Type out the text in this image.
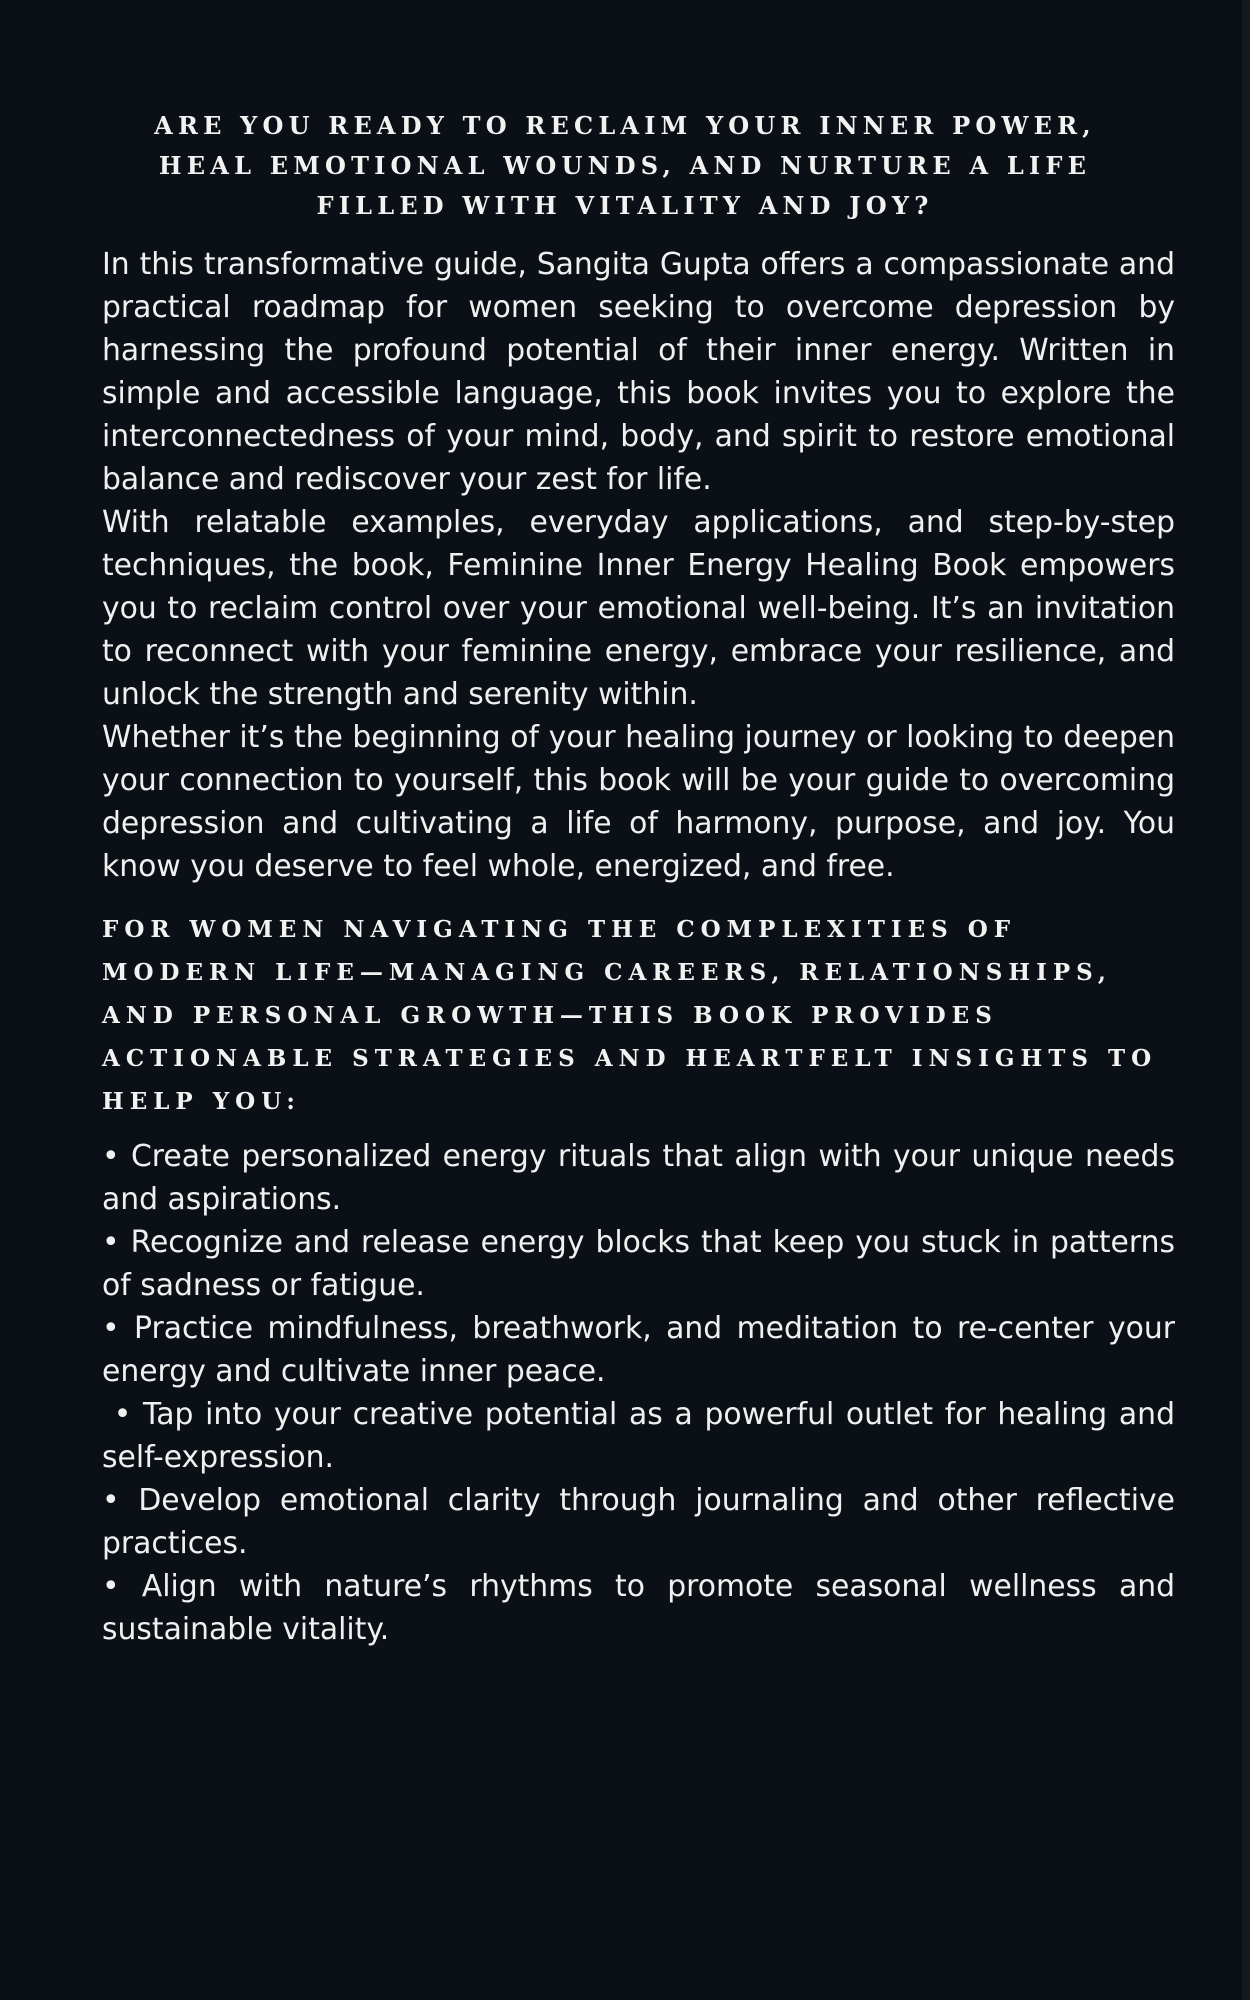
ARE YOU READY TO RECLAIM YOUR INNER POWER, HEAL EMOTIONAL WOUNDS, AND NURTURE A LIFE FILLED WITH VITALITY AND JOY?

In this transformative guide, Sangita Gupta offers a compassionate and practical roadmap for women seeking to overcome depression by harnessing the profound potential of their inner energy. Written in simple and accessible language, this book invites you to explore the interconnectedness of your mind, body, and spirit to restore emotional balance and rediscover your zest for life.

With relatable examples, everyday applications, and step-by-step techniques, the book, Feminine Inner Energy Healing Book empowers you to reclaim control over your emotional well-being. It’s an invitation to reconnect with your feminine energy, embrace your resilience, and unlock the strength and serenity within.

Whether it’s the beginning of your healing journey or looking to deepen your connection to yourself, this book will be your guide to overcoming depression and cultivating a life of harmony, purpose, and joy. You know you deserve to feel whole, energized, and free.

FOR WOMEN NAVIGATING THE COMPLEXITIES OF MODERN LIFE—MANAGING CAREERS, RELATIONSHIPS, AND PERSONAL GROWTH—THIS BOOK PROVIDES ACTIONABLE STRATEGIES AND HEARTFELT INSIGHTS TO HELP YOU:
• Create personalized energy rituals that align with your unique needs and aspirations.
• Recognize and release energy blocks that keep you stuck in patterns of sadness or fatigue.
• Practice mindfulness, breathwork, and meditation to re-center your energy and cultivate inner peace.
• Tap into your creative potential as a powerful outlet for healing and self-expression.
• Develop emotional clarity through journaling and other reflective practices.
• Align with nature’s rhythms to promote seasonal wellness and sustainable vitality.
